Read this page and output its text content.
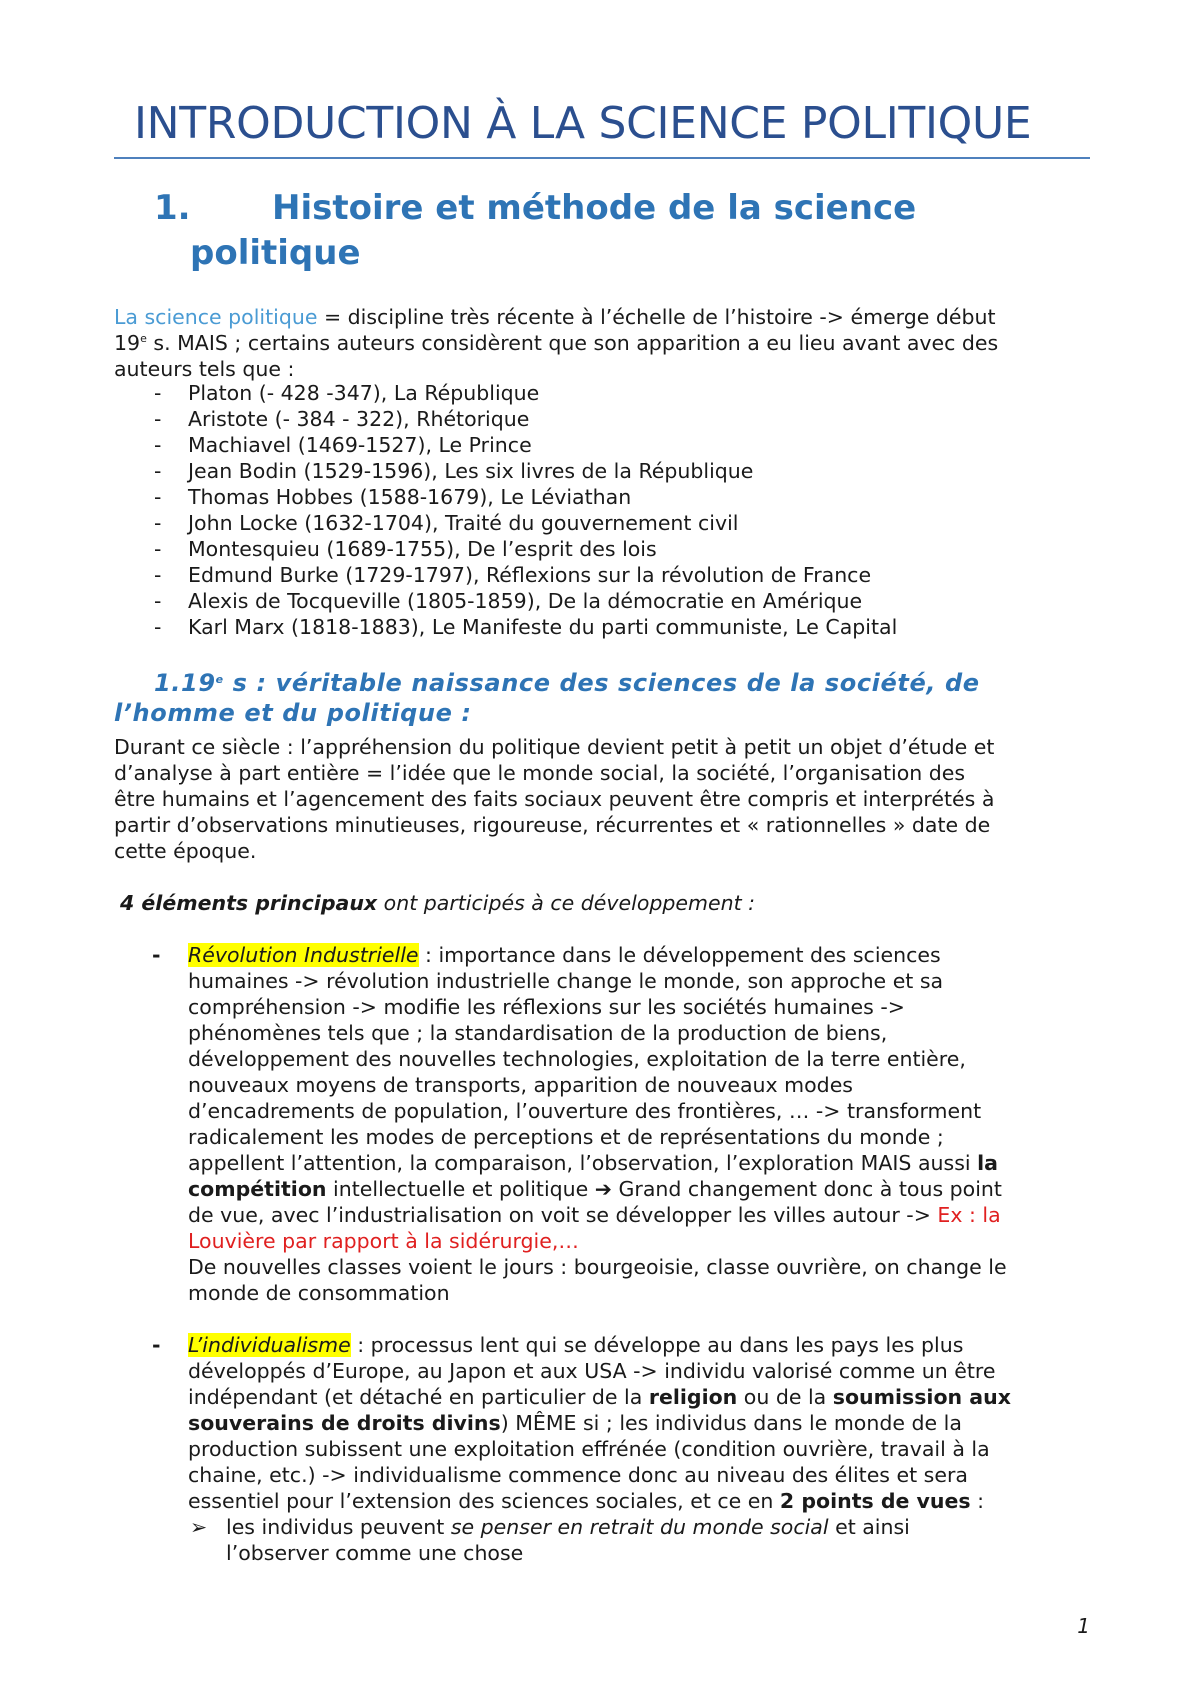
INTRODUCTION À LA SCIENCE POLITIQUE
1. Histoire et méthode de la science
politique
La science politique = discipline très récente à l’échelle de l’histoire -> émerge début
19e s. MAIS ; certains auteurs considèrent que son apparition a eu lieu avant avec des
auteurs tels que :
- Platon (- 428 -347), La République
- Aristote (- 384 - 322), Rhétorique
- Machiavel (1469-1527), Le Prince
- Jean Bodin (1529-1596), Les six livres de la République
- Thomas Hobbes (1588-1679), Le Léviathan
- John Locke (1632-1704), Traité du gouvernement civil
- Montesquieu (1689-1755), De l’esprit des lois
- Edmund Burke (1729-1797), Réflexions sur la révolution de France
- Alexis de Tocqueville (1805-1859), De la démocratie en Amérique
- Karl Marx (1818-1883), Le Manifeste du parti communiste, Le Capital
1.19e s : véritable naissance des sciences de la société, de
l’homme et du politique :
Durant ce siècle : l’appréhension du politique devient petit à petit un objet d’étude et
d’analyse à part entière = l’idée que le monde social, la société, l’organisation des
être humains et l’agencement des faits sociaux peuvent être compris et interprétés à
partir d’observations minutieuses, rigoureuse, récurrentes et « rationnelles » date de
cette époque.
4 éléments principaux ont participés à ce développement :
- Révolution Industrielle : importance dans le développement des sciences
humaines -> révolution industrielle change le monde, son approche et sa
compréhension -> modifie les réflexions sur les sociétés humaines ->
phénomènes tels que ; la standardisation de la production de biens,
développement des nouvelles technologies, exploitation de la terre entière,
nouveaux moyens de transports, apparition de nouveaux modes
d’encadrements de population, l’ouverture des frontières, … -> transforment
radicalement les modes de perceptions et de représentations du monde ;
appellent l’attention, la comparaison, l’observation, l’exploration MAIS aussi la
compétition intellectuelle et politique ➔ Grand changement donc à tous point
de vue, avec l’industrialisation on voit se développer les villes autour -> Ex : la
Louvière par rapport à la sidérurgie,…
De nouvelles classes voient le jours : bourgeoisie, classe ouvrière, on change le
monde de consommation
- L’individualisme : processus lent qui se développe au dans les pays les plus
développés d’Europe, au Japon et aux USA -> individu valorisé comme un être
indépendant (et détaché en particulier de la religion ou de la soumission aux
souverains de droits divins) MÊME si ; les individus dans le monde de la
production subissent une exploitation effrénée (condition ouvrière, travail à la
chaine, etc.) -> individualisme commence donc au niveau des élites et sera
essentiel pour l’extension des sciences sociales, et ce en 2 points de vues :
➢ les individus peuvent se penser en retrait du monde social et ainsi
l’observer comme une chose
1
